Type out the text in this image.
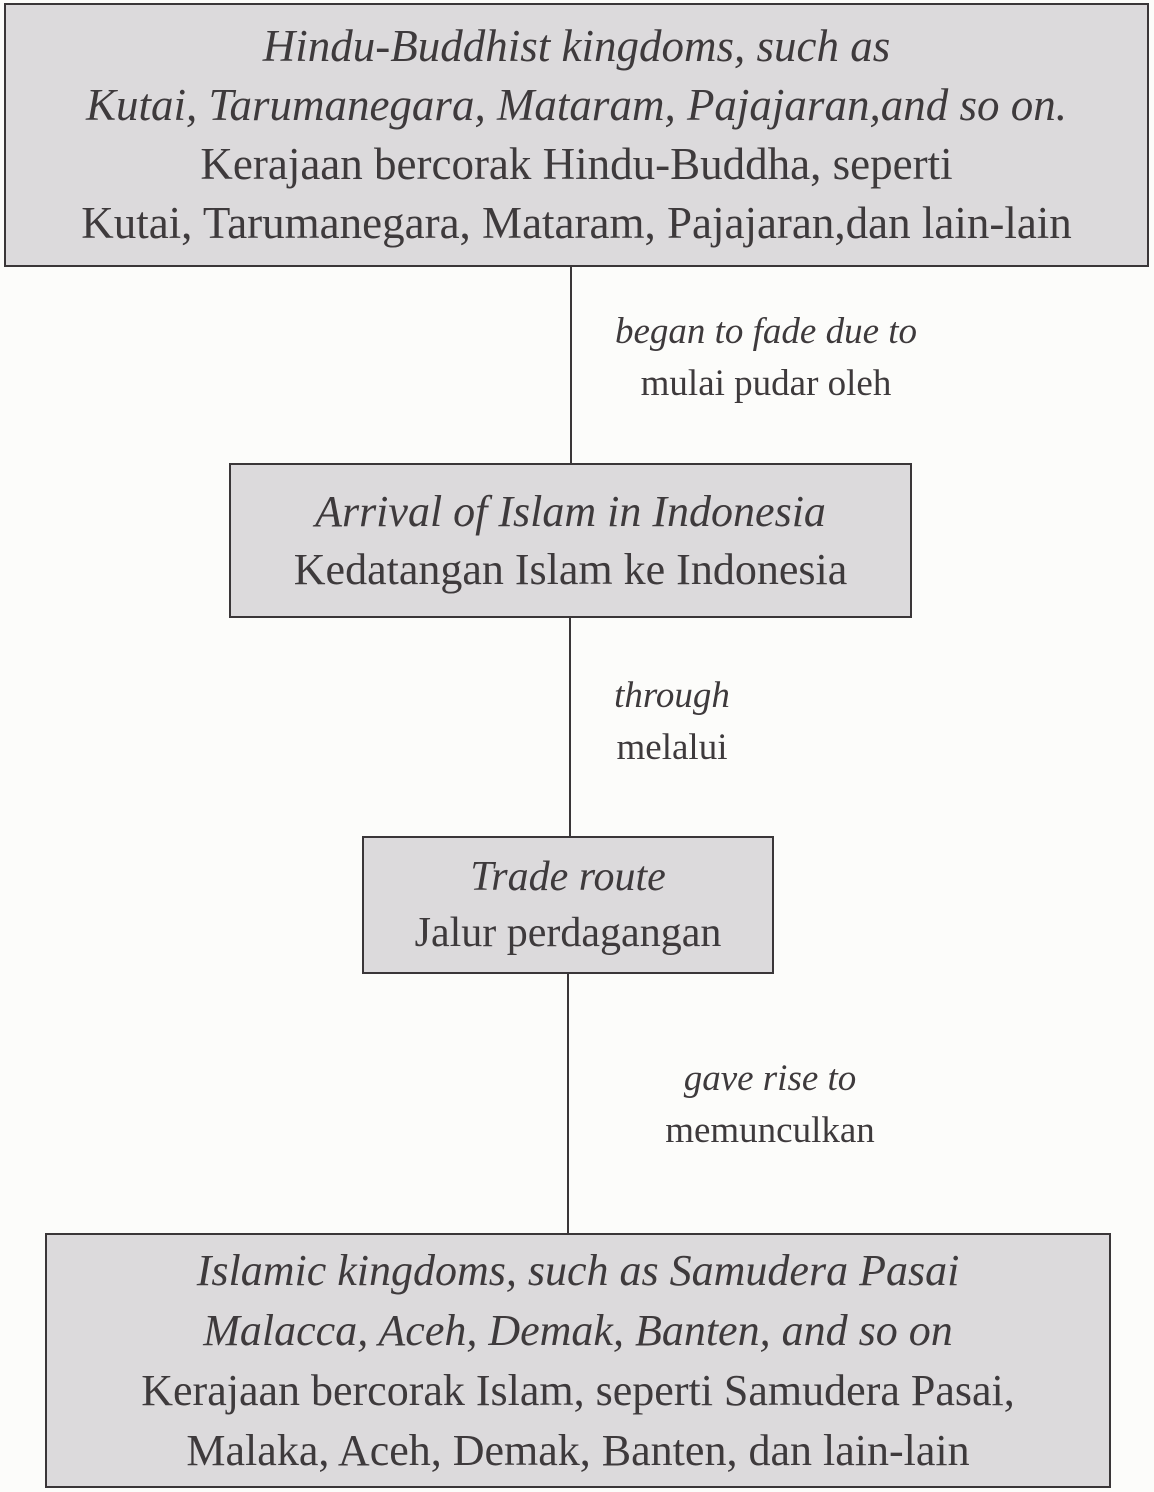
Hindu-Buddhist kingdoms, such as
Kutai, Tarumanegara, Mataram, Pajajaran,and so on.
Kerajaan bercorak Hindu-Buddha, seperti
Kutai, Tarumanegara, Mataram, Pajajaran,dan lain-lain
began to fade due to
mulai pudar oleh
Arrival of Islam in Indonesia
Kedatangan Islam ke Indonesia
through
melalui
Trade route
Jalur perdagangan
gave rise to
memunculkan
Islamic kingdoms, such as Samudera Pasai
Malacca, Aceh, Demak, Banten, and so on
Kerajaan bercorak Islam, seperti Samudera Pasai,
Malaka, Aceh, Demak, Banten, dan lain-lain
